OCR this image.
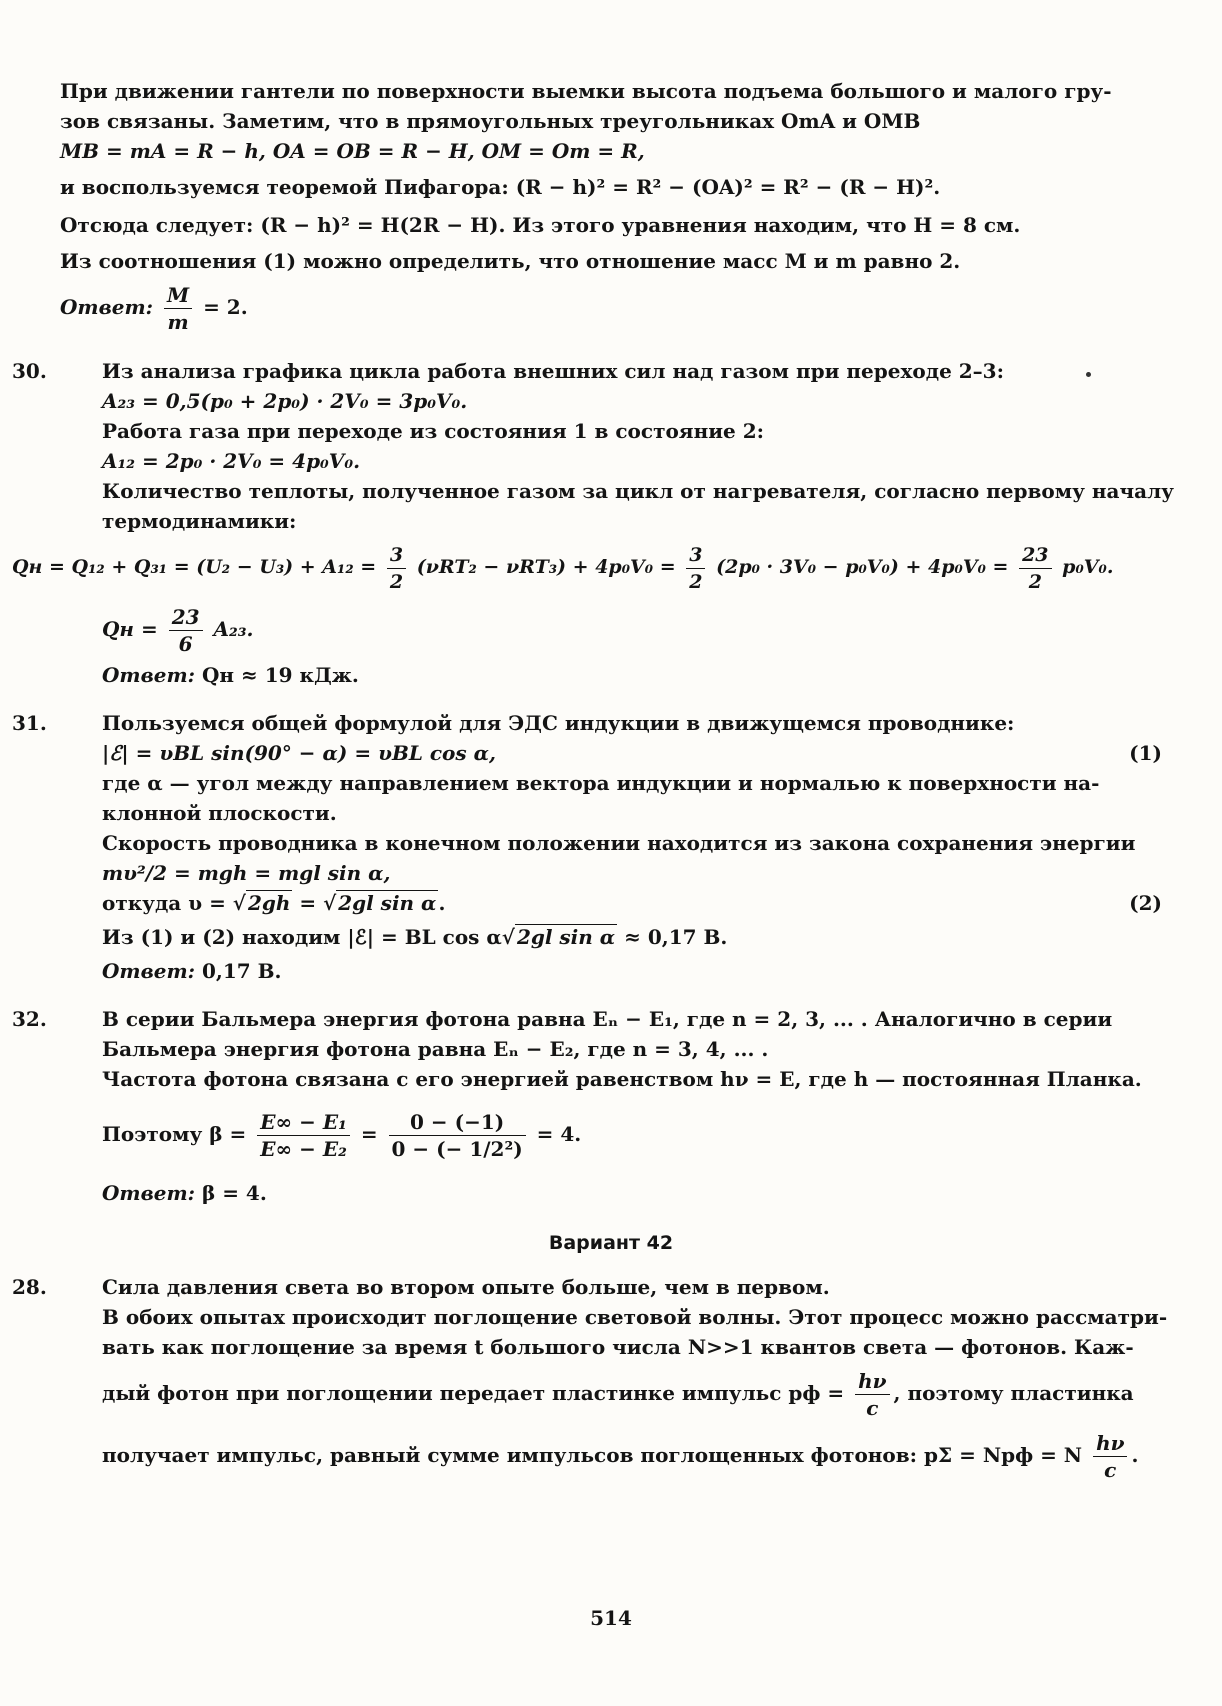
При движении гантели по поверхности выемки высота подъема большого и малого гру-
зов связаны. Заметим, что в прямоугольных треугольниках OmA и OMB
MB = mA = R − h, OA = OB = R − H, OM = Om = R,
и воспользуемся теоремой Пифагора: (R − h)² = R² − (OA)² = R² − (R − H)².
Отсюда следует: (R − h)² = H(2R − H). Из этого уравнения находим, что H = 8 см.
Из соотношения (1) можно определить, что отношение масс M и m равно 2.
Ответ: $\frac{M}{m} = 2$.
30.	Из анализа графика цикла работа внешних сил над газом при переходе 2–3:
A₂₃ = 0,5(p₀ + 2p₀) · 2V₀ = 3p₀V₀.
Работа газа при переходе из состояния 1 в состояние 2:
A₁₂ = 2p₀ · 2V₀ = 4p₀V₀.
Количество теплоты, полученное газом за цикл от нагревателя, согласно первому началу
термодинамики:
Qн = $Q_{12} + Q_{31} = (U_2 - U_3) + A_{12} = \frac{3}{2} (\nu RT_2 - \nu RT_3) + 4p_0V_0 = \frac{3}{2} (2p_0 \cdot 3V_0 - p_0V_0) + 4p_0V_0 = \frac{23}{2} p_0V_0$.
Qн = $\frac{23}{6} A_{23}$.
Ответ: Qн ≈ 19 кДж.
31.	Пользуемся общей формулой для ЭДС индукции в движущемся проводнике:
|ℰ| = υBL sin(90° − α) = υBL cos α,	(1)
где α — угол между направлением вектора индукции и нормалью к поверхности на-
клонной плоскости.
Скорость проводника в конечном положении находится из закона сохранения энергии
mυ²/2 = mgh = mgl sin α,
откуда υ = √ 2gh = √ 2gl sin α .	(2)
Из (1) и (2) находим |ℰ| = BL cos α√ 2gl sin α ≈ 0,17 В.
Ответ: 0,17 В.
32.	В серии Бальмера энергия фотона равна Eₙ − E₁, где n = 2, 3, ... . Аналогично в серии
Бальмера энергия фотона равна Eₙ − E₂, где n = 3, 4, ... .
Частота фотона связана с его энергией равенством hν = E, где h — постоянная Планка.
Поэтому $\beta = \frac{\text{E∞ − E₁}}{\text{E∞ − E₂}} = \frac{0 - (-1)}{\text{0 − (− 1/2²)}} = 4$.
Ответ: β = 4.
Вариант 42
28.	Сила давления света во втором опыте больше, чем в первом.
В обоих опытах происходит поглощение световой волны. Этот процесс можно рассматри-
вать как поглощение за время t большого числа N>>1 квантов света — фотонов. Каж-
дый фотон при поглощении передает пластинке импульс pф = $\frac{h\nu}{c}$ , поэтому пластинка
получает импульс, равный сумме импульсов поглощенных фотонов: pΣ = Npф = N $\frac{h\nu}{c}$ .
514
